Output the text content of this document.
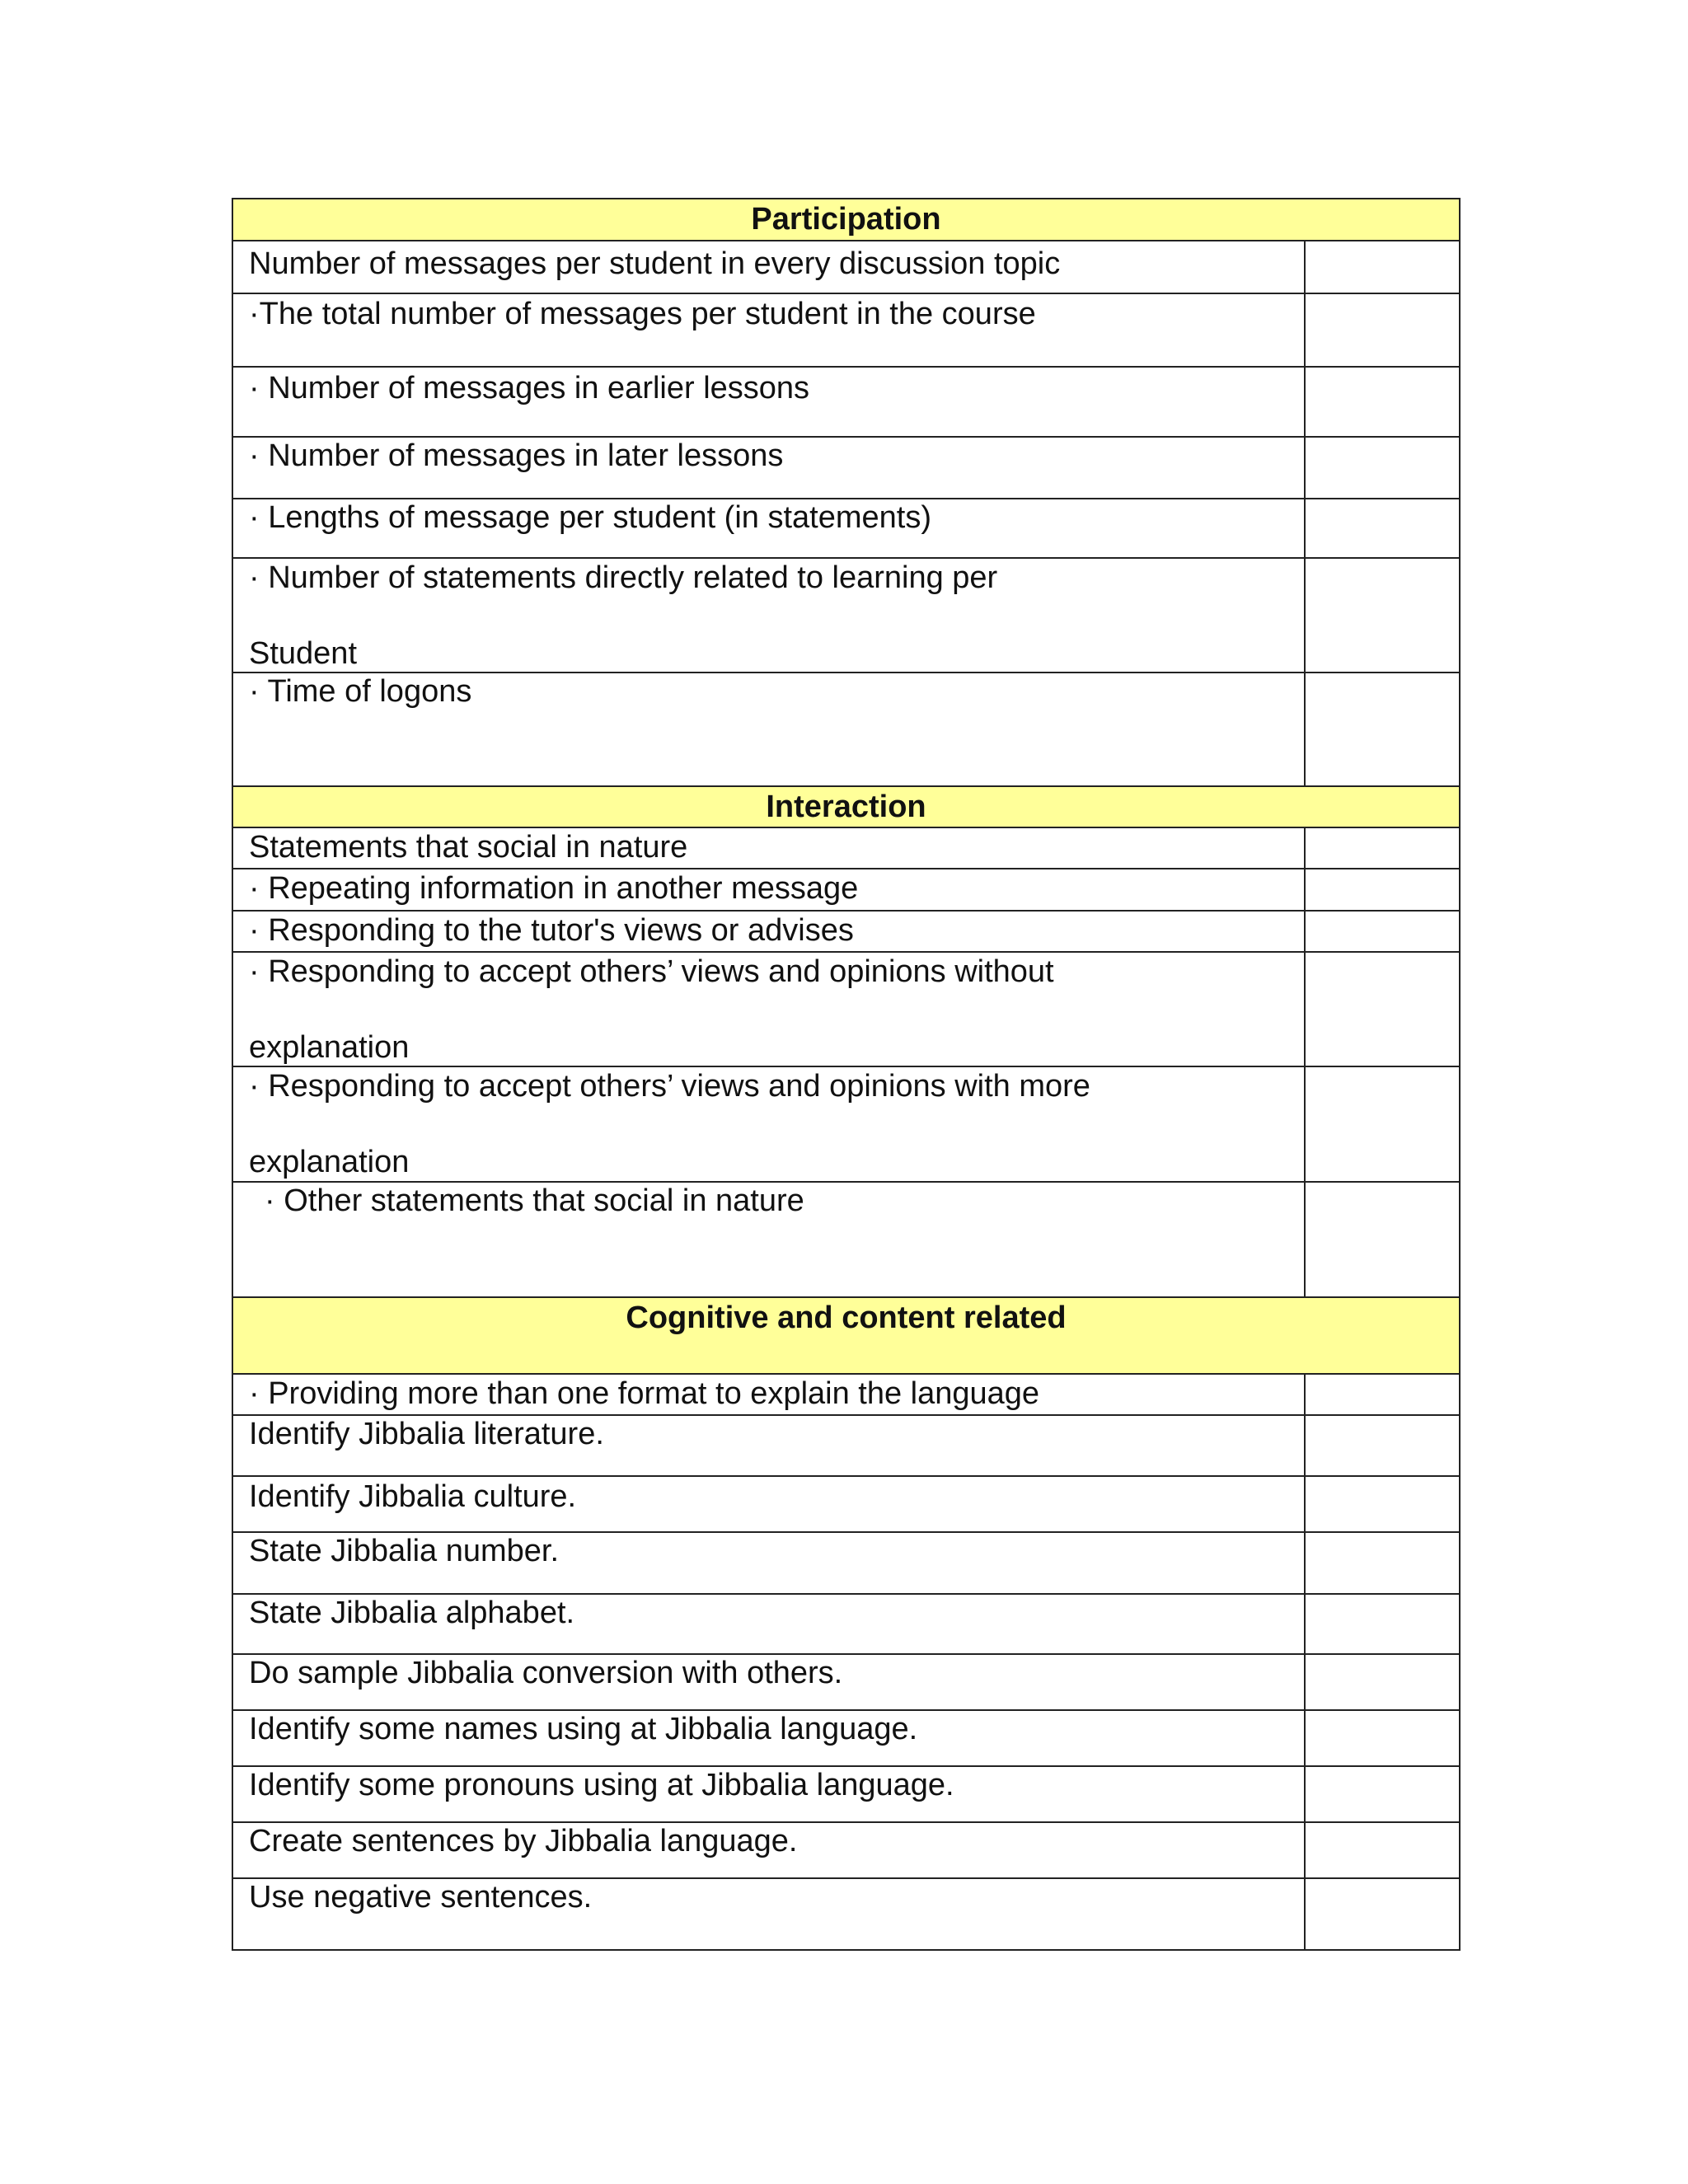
Participation
Number of messages per student in every discussion topic
·The total number of messages per student in the course
· Number of messages in earlier lessons
· Number of messages in later lessons
· Lengths of message per student (in statements)
· Number of statements directly related to learning per

Student
· Time of logons
Interaction
Statements that social in nature
· Repeating information in another message
· Responding to the tutor's views or advises
· Responding to accept others’ views and opinions without

explanation
· Responding to accept others’ views and opinions with more

explanation
· Other statements that social in nature
Cognitive and content related
· Providing more than one format to explain the language
Identify Jibbalia literature.
Identify Jibbalia culture.
State Jibbalia number.
State Jibbalia alphabet.
Do sample Jibbalia conversion with others.
Identify some names using at Jibbalia language.
Identify some pronouns using at Jibbalia language.
Create sentences by Jibbalia language.
Use negative sentences.
